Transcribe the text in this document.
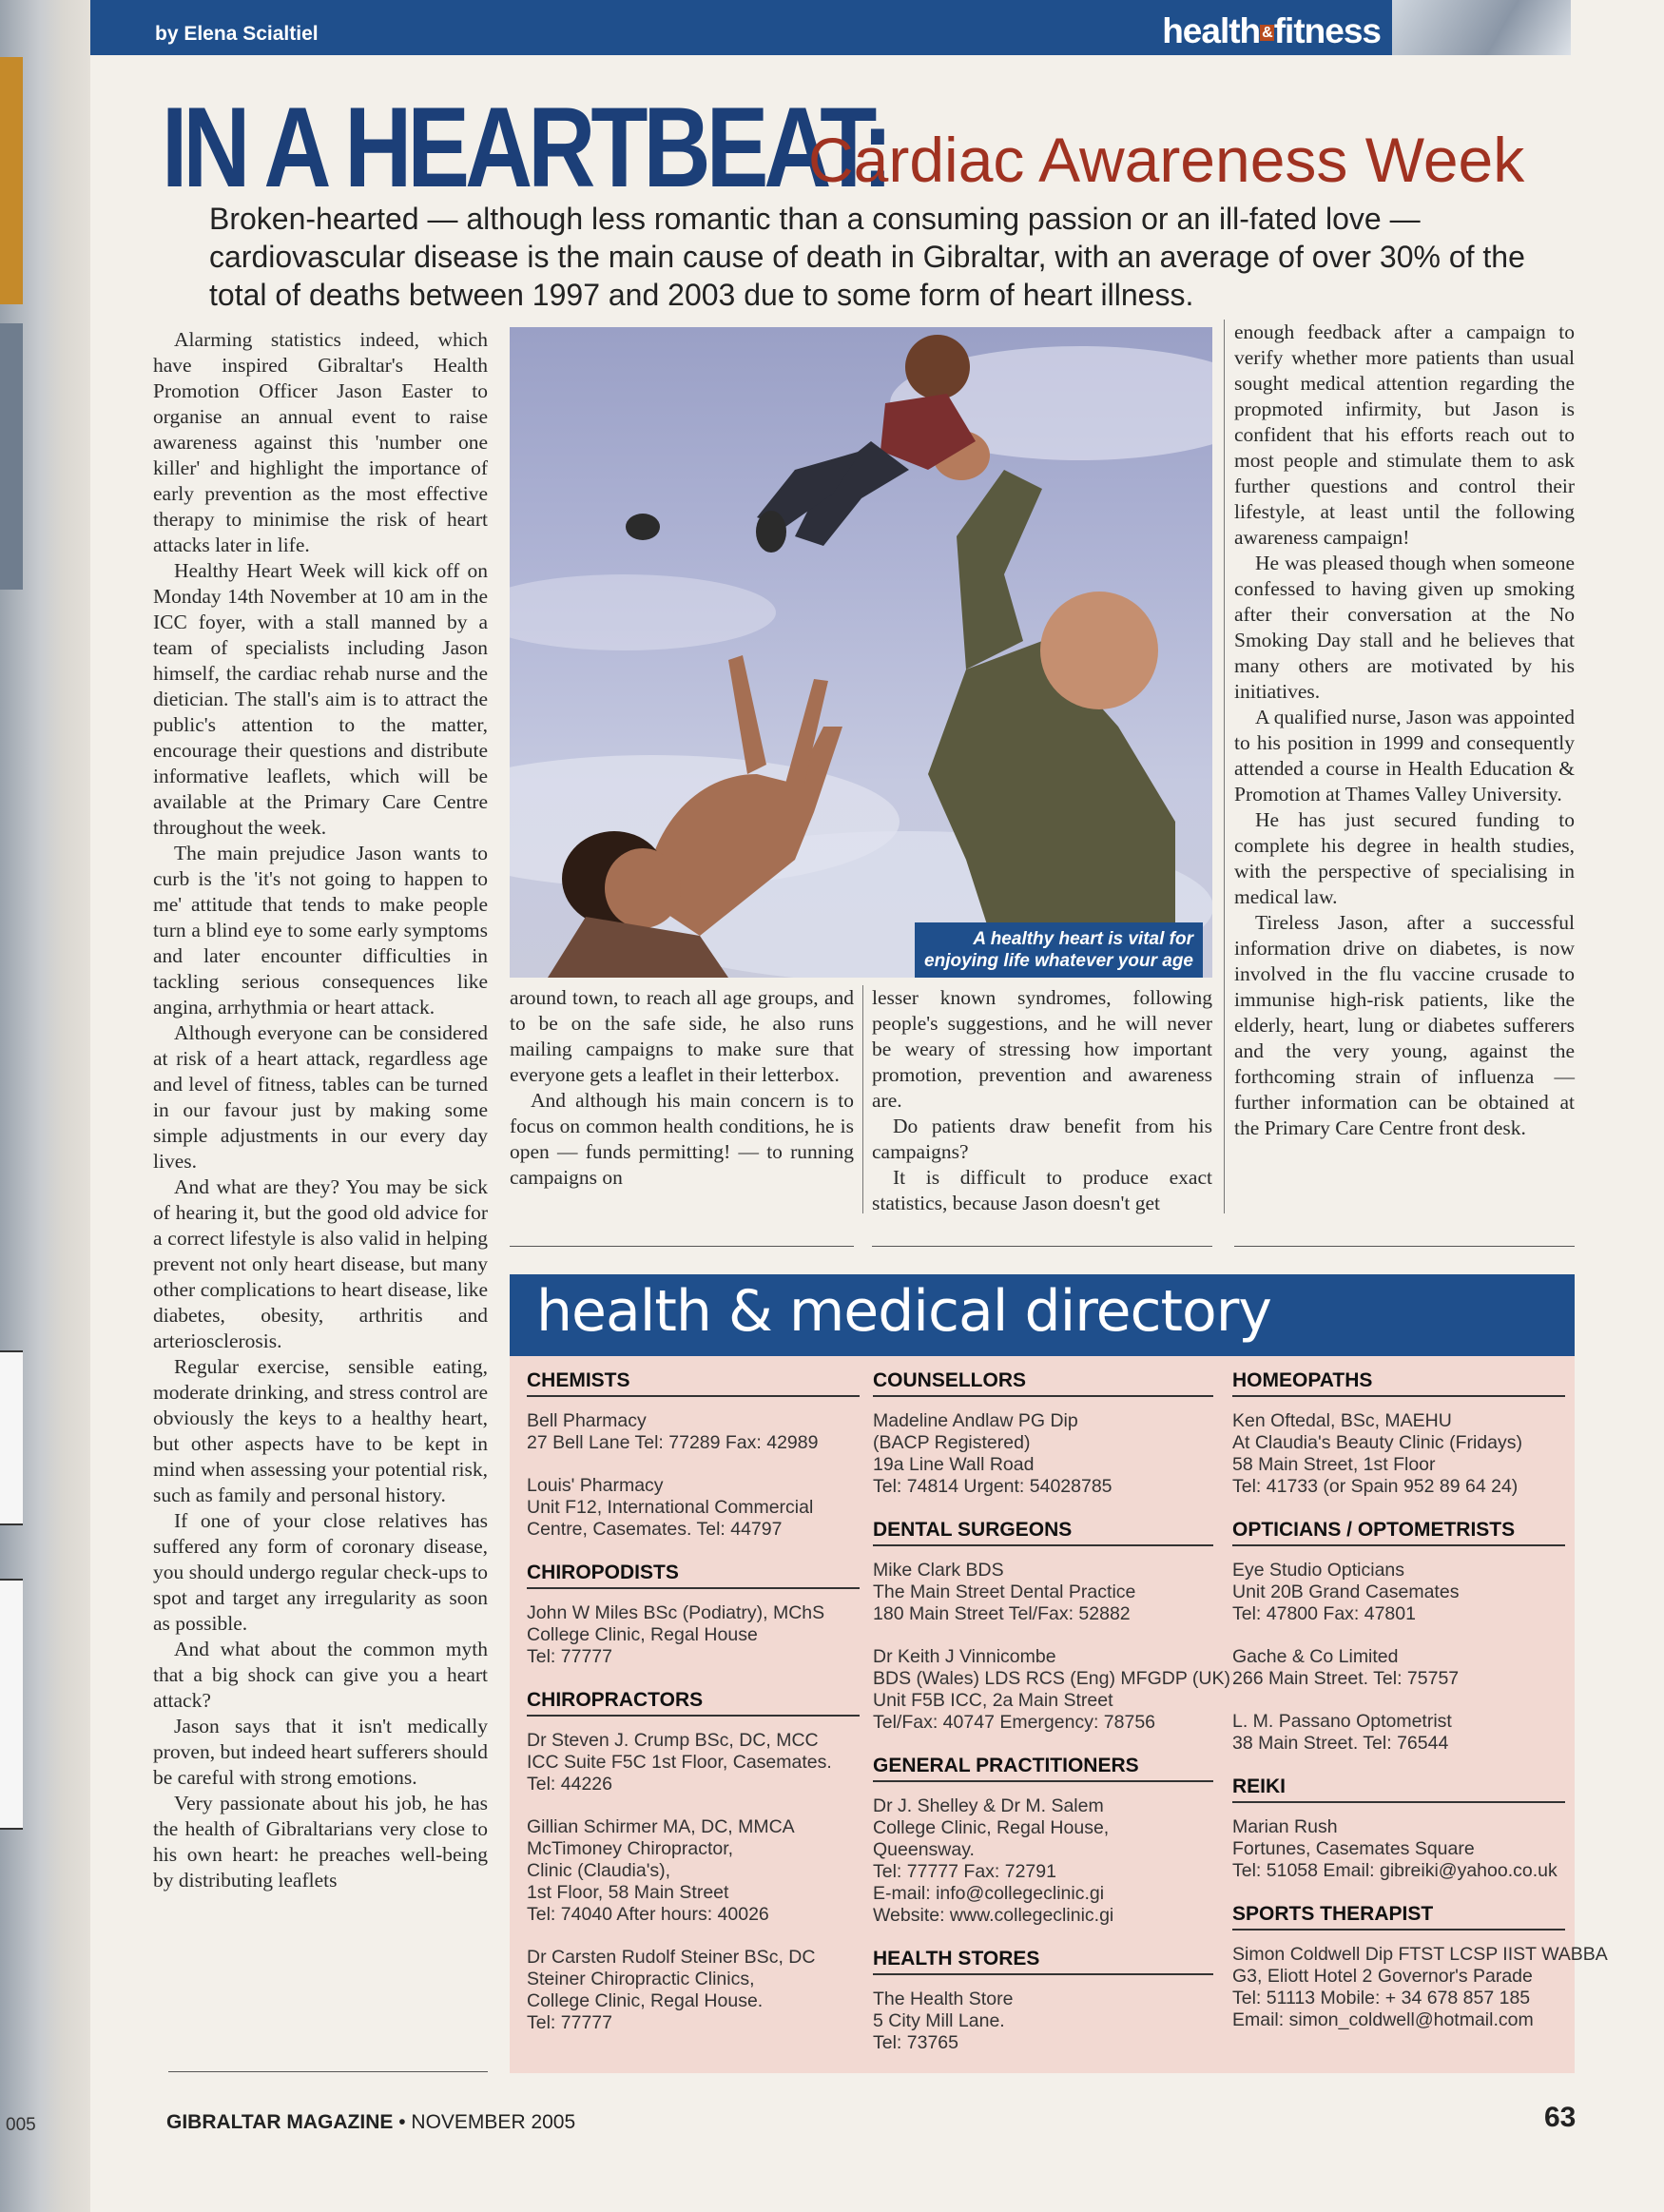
by Elena Scialtiel	health &fitness
IN A HEARTBEAT:
Cardiac Awareness Week
Broken-hearted — although less romantic than a consuming passion or an ill-fated love — cardiovascular disease is the main cause of death in Gibraltar, with an average of over 30% of the total of deaths between 1997 and 2003 due to some form of heart illness.

Alarming statistics indeed, which have inspired Gibraltar's Health Promotion Officer Jason Easter to organise an annual event to raise awareness against this 'number one killer' and highlight the importance of early prevention as the most effective therapy to minimise the risk of heart attacks later in life.

Healthy Heart Week will kick off on Monday 14th November at 10 am in the ICC foyer, with a stall manned by a team of specialists including Jason himself, the cardiac rehab nurse and the dietician. The stall's aim is to attract the public's attention to the matter, encourage their questions and distribute informative leaflets, which will be available at the Primary Care Centre throughout the week.

The main prejudice Jason wants to curb is the 'it's not going to happen to me' attitude that tends to make people turn a blind eye to some early symptoms and later encounter difficulties in tackling serious consequences like angina, arrhythmia or heart attack.

Although everyone can be considered at risk of a heart attack, regardless age and level of fitness, tables can be turned in our favour just by making some simple adjustments in our every day lives.

And what are they? You may be sick of hearing it, but the good old advice for a correct lifestyle is also valid in helping prevent not only heart disease, but many other complications to heart disease, like diabetes, obesity, arthritis and arteriosclerosis.

Regular exercise, sensible eating, moderate drinking, and stress control are obviously the keys to a healthy heart, but other aspects have to be kept in mind when assessing your potential risk, such as family and personal history.

If one of your close relatives has suffered any form of coronary disease, you should undergo regular check-ups to spot and target any irregularity as soon as possible.

And what about the common myth that a big shock can give you a heart attack?

Jason says that it isn't medically proven, but indeed heart sufferers should be careful with strong emotions.

Very passionate about his job, he has the health of Gibraltarians very close to his own heart: he preaches well-being by distributing leaflets

A healthy heart is vital for
enjoying life whatever your age

around town, to reach all age groups, and to be on the safe side, he also runs mailing campaigns to make sure that everyone gets a leaflet in their letterbox.

And although his main concern is to focus on common health conditions, he is open — funds permitting! — to running campaigns on

lesser known syndromes, following people's suggestions, and he will never be weary of stressing how important promotion, prevention and awareness are.

Do patients draw benefit from his campaigns?

It is difficult to produce exact statistics, because Jason doesn't get

enough feedback after a campaign to verify whether more patients than usual sought medical attention regarding the propmoted infirmity, but Jason is confident that his efforts reach out to most people and stimulate them to ask further questions and control their lifestyle, at least until the following awareness campaign!

He was pleased though when someone confessed to having given up smoking after their conversation at the No Smoking Day stall and he believes that many others are motivated by his initiatives.

A qualified nurse, Jason was appointed to his position in 1999 and consequently attended a course in Health Education & Promotion at Thames Valley University.

He has just secured funding to complete his degree in health studies, with the perspective of specialising in medical law.

Tireless Jason, after a successful information drive on diabetes, is now involved in the flu vaccine crusade to immunise high-risk patients, like the elderly, heart, lung or diabetes sufferers and the very young, against the forthcoming strain of influenza — further information can be obtained at the Primary Care Centre front desk.

health & medical directory
CHEMISTS
Bell Pharmacy
27 Bell Lane Tel: 77289 Fax: 42989
Louis' Pharmacy
Unit F12, International Commercial
Centre, Casemates. Tel: 44797
CHIROPODISTS
John W Miles BSc (Podiatry), MChS
College Clinic, Regal House
Tel: 77777
CHIROPRACTORS
Dr Steven J. Crump BSc, DC, MCC
ICC Suite F5C 1st Floor, Casemates.
Tel: 44226
Gillian Schirmer MA, DC, MMCA
McTimoney Chiropractor,
Clinic (Claudia's),
1st Floor, 58 Main Street
Tel: 74040 After hours: 40026
Dr Carsten Rudolf Steiner BSc, DC
Steiner Chiropractic Clinics,
College Clinic, Regal House.
Tel: 77777
COUNSELLORS
Madeline Andlaw PG Dip
(BACP Registered)
19a Line Wall Road
Tel: 74814 Urgent: 54028785
DENTAL SURGEONS
Mike Clark BDS
The Main Street Dental Practice
180 Main Street Tel/Fax: 52882
Dr Keith J Vinnicombe
BDS (Wales) LDS RCS (Eng) MFGDP (UK)
Unit F5B ICC, 2a Main Street
Tel/Fax: 40747 Emergency: 78756
GENERAL PRACTITIONERS
Dr J. Shelley & Dr M. Salem
College Clinic, Regal House,
Queensway.
Tel: 77777 Fax: 72791
E-mail: info@collegeclinic.gi
Website: www.collegeclinic.gi
HEALTH STORES
The Health Store
5 City Mill Lane.
Tel: 73765
HOMEOPATHS
Ken Oftedal, BSc, MAEHU
At Claudia's Beauty Clinic (Fridays)
58 Main Street, 1st Floor
Tel: 41733 (or Spain 952 89 64 24)
OPTICIANS / OPTOMETRISTS
Eye Studio Opticians
Unit 20B Grand Casemates
Tel: 47800 Fax: 47801
Gache & Co Limited
266 Main Street. Tel: 75757
L. M. Passano Optometrist
38 Main Street. Tel: 76544
REIKI
Marian Rush
Fortunes, Casemates Square
Tel: 51058 Email: gibreiki@yahoo.co.uk
SPORTS THERAPIST
Simon Coldwell Dip FTST LCSP IIST WABBA
G3, Eliott Hotel 2 Governor's Parade
Tel: 51113 Mobile: + 34 678 857 185
Email: simon_coldwell@hotmail.com
GIBRALTAR MAGAZINE • NOVEMBER 2005	63
005
